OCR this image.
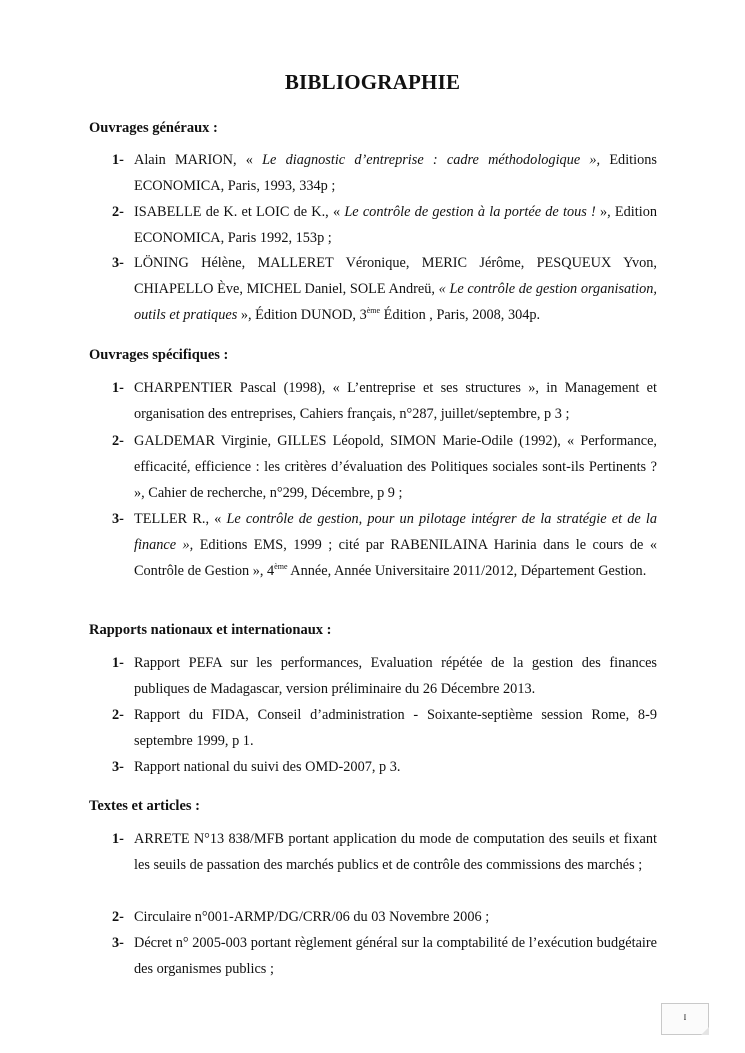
BIBLIOGRAPHIE
Ouvrages généraux :
1- Alain MARION, « Le diagnostic d’entreprise : cadre méthodologique », Editions ECONOMICA, Paris, 1993, 334p ;
2- ISABELLE de K. et LOIC de K., « Le contrôle de gestion à la portée de tous ! », Edition ECONOMICA, Paris 1992, 153p ;
3- LÖNING Hélène, MALLERET Véronique, MERIC Jérôme, PESQUEUX Yvon, CHIAPELLO Ève, MICHEL Daniel, SOLE Andreü, « Le contrôle de gestion organisation, outils et pratiques », Édition DUNOD, 3ème Édition , Paris, 2008, 304p.
Ouvrages spécifiques :
1- CHARPENTIER Pascal (1998), « L’entreprise et ses structures », in Management et organisation des entreprises, Cahiers français, n°287, juillet/septembre, p 3 ;
2- GALDEMAR Virginie, GILLES Léopold, SIMON Marie-Odile (1992), « Performance, efficacité, efficience : les critères d’évaluation des Politiques sociales sont-ils Pertinents ? », Cahier de recherche, n°299, Décembre, p 9 ;
3- TELLER R., « Le contrôle de gestion, pour un pilotage intégrer de la stratégie et de la finance », Editions EMS, 1999 ; cité par RABENILAINA Harinia dans le cours de « Contrôle de Gestion », 4ème Année, Année Universitaire 2011/2012, Département Gestion.
Rapports nationaux et internationaux :
1- Rapport PEFA sur les performances, Evaluation répétée de la gestion des finances publiques de Madagascar, version préliminaire du 26 Décembre 2013.
2- Rapport du FIDA, Conseil d’administration - Soixante-septième session Rome, 8-9 septembre 1999, p 1.
3- Rapport national du suivi des OMD-2007, p 3.
Textes et articles :
1- ARRETE N°13 838/MFB portant application du mode de computation des seuils et fixant les seuils de passation des marchés publics et de contrôle des commissions des marchés ;
2- Circulaire n°001-ARMP/DG/CRR/06 du 03 Novembre 2006 ;
3- Décret n° 2005-003 portant règlement général sur la comptabilité de l’exécution budgétaire des organismes publics ;
I
